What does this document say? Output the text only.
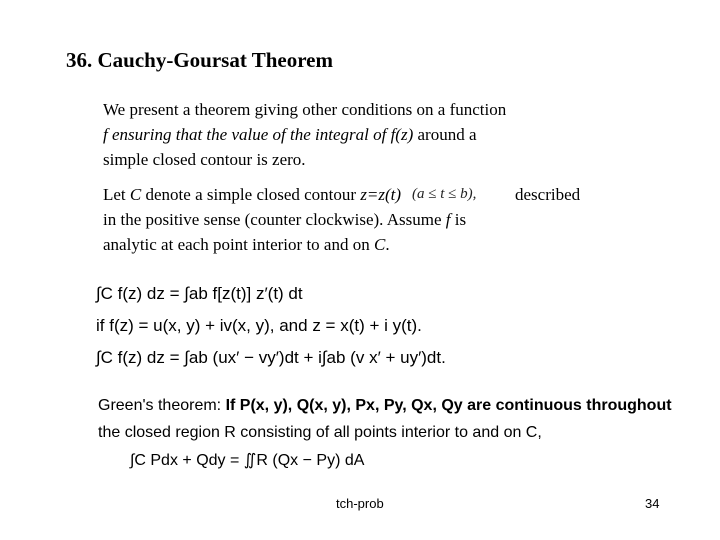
36. Cauchy-Goursat Theorem
We present a theorem giving other conditions on a function
f ensuring that the value of the integral of f(z) around a
simple closed contour is zero.
Let C denote a simple closed contour z=z(t) (a ≤ t ≤ b), described
in the positive sense (counter clockwise). Assume f is
analytic at each point interior to and on C.
∫C f(z) dz = ∫ab f[z(t)] z′(t) dt
if f(z) = u(x, y) + iv(x, y), and z = x(t) + i y(t).
∫C f(z) dz = ∫ab (ux′ − vy′)dt + i∫ab (v x′ + uy′)dt.
Green's theorem: If P(x, y), Q(x, y), Px, Py, Qx, Qy are continuous throughout
the closed region R consisting of all points interior to and on C,
∫C Pdx + Qdy = ∬R (Qx − Py) dA
tch-prob	34
